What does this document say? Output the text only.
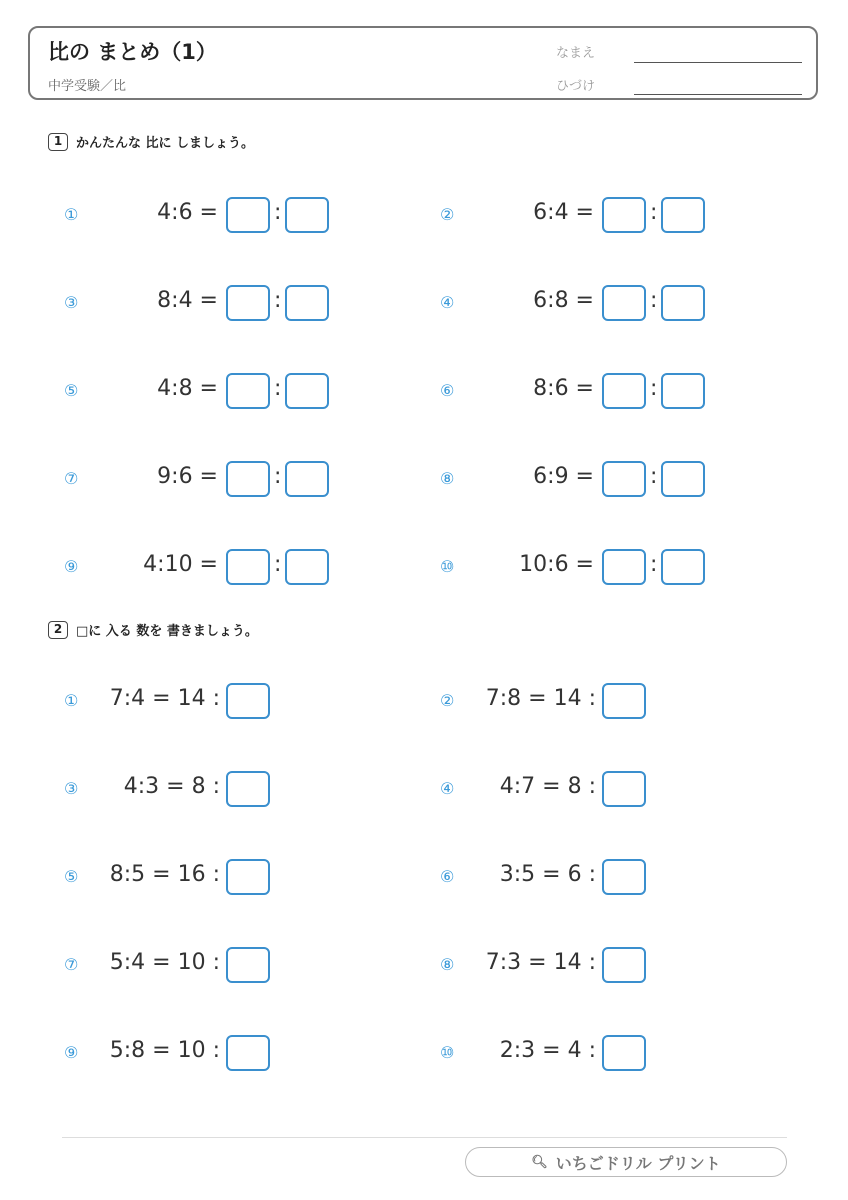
比の まとめ（1）
中学受験／比
なまえ
ひづけ
1	かんたんな 比に しましょう。
①	4:6 =	:	②	6:4 =	:
③	8:4 =	:	④	6:8 =	:
⑤	4:8 =	:	⑥	8:6 =	:
⑦	9:6 =	:	⑧	6:9 =	:
⑨	4:10 =	:	⑩	10:6 =	:
2	□に 入る 数を 書きましょう。
①	7:4 = 14 :	②	7:8 = 14 :
③	4:3 = 8 :	④	4:7 = 8 :
⑤	8:5 = 16 :	⑥	3:5 = 6 :
⑦	5:4 = 10 :	⑧	7:3 = 14 :
⑨	5:8 = 10 :	⑩	2:3 = 4 :
🔍︎ いちごドリル プリント
